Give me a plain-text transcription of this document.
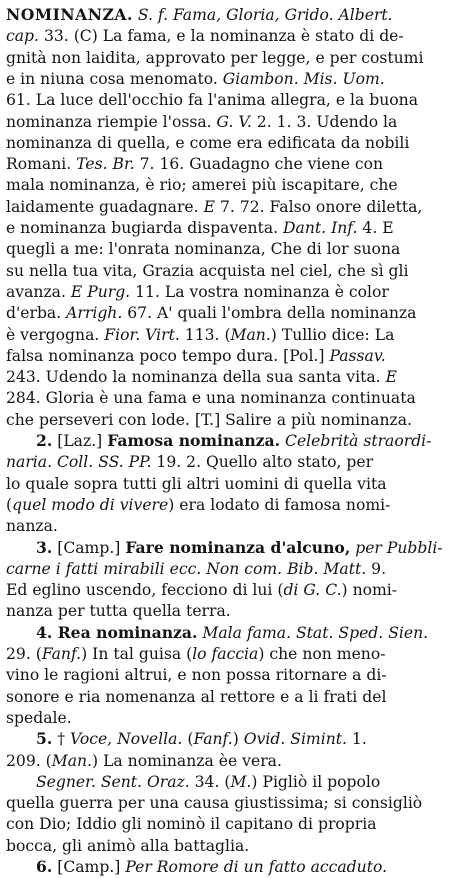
NOMINANZA. S. f. Fama, Gloria, Grido. Albert.
cap. 33. (C) La fama, e la nominanza è stato di de-
gnità non laidita, approvato per legge, e per costumi
e in niuna cosa menomato. Giambon. Mis. Uom.
61. La luce dell'occhio fa l'anima allegra, e la buona
nominanza riempie l'ossa. G. V. 2. 1. 3. Udendo la
nominanza di quella, e come era edificata da nobili
Romani. Tes. Br. 7. 16. Guadagno che viene con
mala nominanza, è rio; amerei più iscapitare, che
laidamente guadagnare. E 7. 72. Falso onore diletta,
e nominanza bugiarda dispaventa. Dant. Inf. 4. E
quegli a me: l'onrata nominanza, Che di lor suona
su nella tua vita, Grazia acquista nel ciel, che sì gli
avanza. E Purg. 11. La vostra nominanza è color
d'erba. Arrigh. 67. A' quali l'ombra della nominanza
è vergogna. Fior. Virt. 113. (Man.) Tullio dice: La
falsa nominanza poco tempo dura. [Pol.] Passav.
243. Udendo la nominanza della sua santa vita. E
284. Gloria è una fama e una nominanza continuata
che perseveri con lode. [T.] Salire a più nominanza.
2. [Laz.] Famosa nominanza. Celebrità straordi-
naria. Coll. SS. PP. 19. 2. Quello alto stato, per
lo quale sopra tutti gli altri uomini di quella vita
(quel modo di vivere) era lodato di famosa nomi-
nanza.
3. [Camp.] Fare nominanza d'alcuno, per Pubbli-
carne i fatti mirabili ecc. Non com. Bib. Matt. 9.
Ed eglino uscendo, fecciono di lui (di G. C.) nomi-
nanza per tutta quella terra.
4. Rea nominanza. Mala fama. Stat. Sped. Sien.
29. (Fanf.) In tal guisa (lo faccia) che non meno-
vino le ragioni altrui, e non possa ritornare a di-
sonore e ria nomenanza al rettore e a li frati del
spedale.
5. † Voce, Novella. (Fanf.) Ovid. Simint. 1.
209. (Man.) La nominanza èe vera.
Segner. Sent. Oraz. 34. (M.) Pigliò il popolo
quella guerra per una causa giustissima; si consigliò
con Dio; Iddio gli nominò il capitano di propria
bocca, gli animò alla battaglia.
6. [Camp.] Per Romore di un fatto accaduto.
